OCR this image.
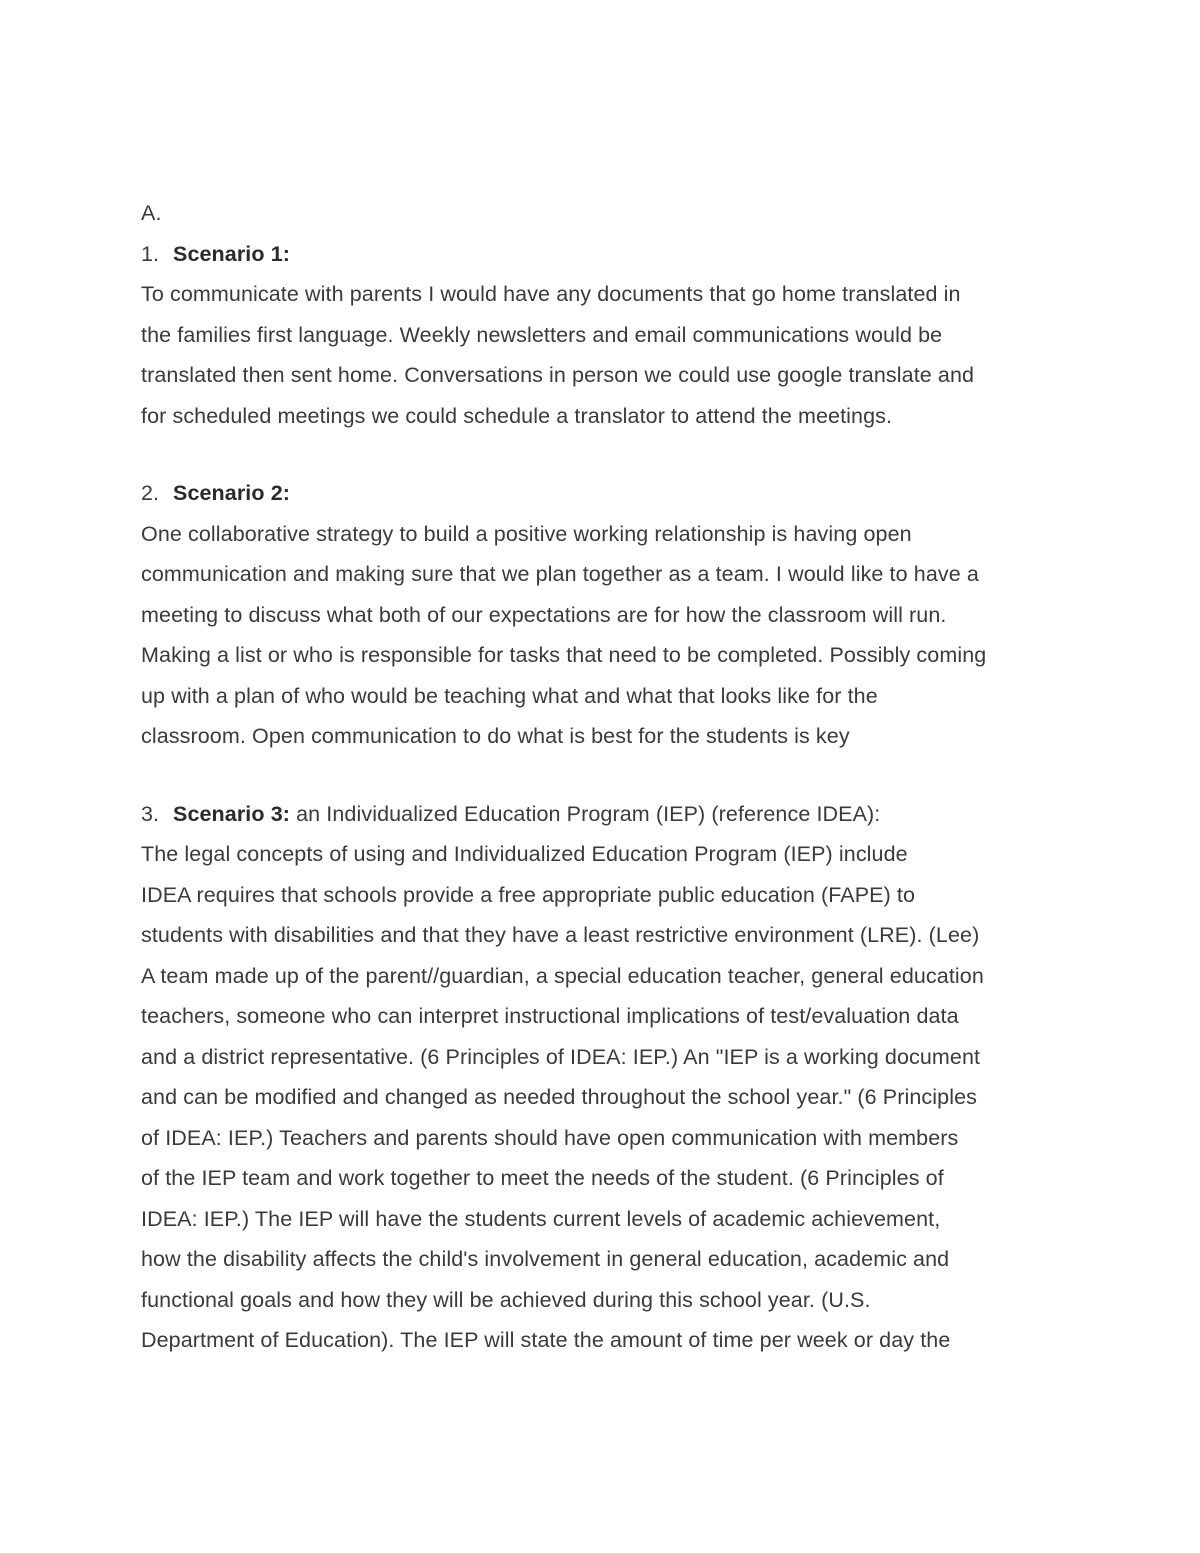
A.
1. Scenario 1:
To communicate with parents I would have any documents that go home translated in
the families first language. Weekly newsletters and email communications would be
translated then sent home. Conversations in person we could use google translate and
for scheduled meetings we could schedule a translator to attend the meetings.
2. Scenario 2:
One collaborative strategy to build a positive working relationship is having open
communication and making sure that we plan together as a team. I would like to have a
meeting to discuss what both of our expectations are for how the classroom will run.
Making a list or who is responsible for tasks that need to be completed. Possibly coming
up with a plan of who would be teaching what and what that looks like for the
classroom. Open communication to do what is best for the students is key
3. Scenario 3: an Individualized Education Program (IEP) (reference IDEA):
The legal concepts of using and Individualized Education Program (IEP) include
IDEA requires that schools provide a free appropriate public education (FAPE) to
students with disabilities and that they have a least restrictive environment (LRE). (Lee)
A team made up of the parent//guardian, a special education teacher, general education
teachers, someone who can interpret instructional implications of test/evaluation data
and a district representative. (6 Principles of IDEA: IEP.) An "IEP is a working document
and can be modified and changed as needed throughout the school year." (6 Principles
of IDEA: IEP.) Teachers and parents should have open communication with members
of the IEP team and work together to meet the needs of the student. (6 Principles of
IDEA: IEP.) The IEP will have the students current levels of academic achievement,
how the disability affects the child's involvement in general education, academic and
functional goals and how they will be achieved during this school year. (U.S.
Department of Education). The IEP will state the amount of time per week or day the
